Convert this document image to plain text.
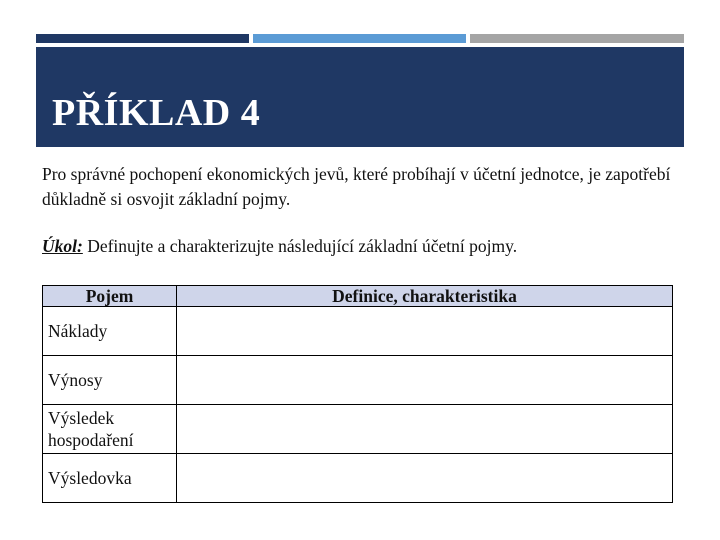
PŘÍKLAD 4
Pro správné pochopení ekonomických jevů, které probíhají v účetní jednotce, je zapotřebí důkladně si osvojit základní pojmy.
Úkol: Definujte a charakterizujte následující základní účetní pojmy.
Pojem	Definice, charakteristika
Náklady	
Výnosy	
Výsledek hospodaření	
Výsledovka	
